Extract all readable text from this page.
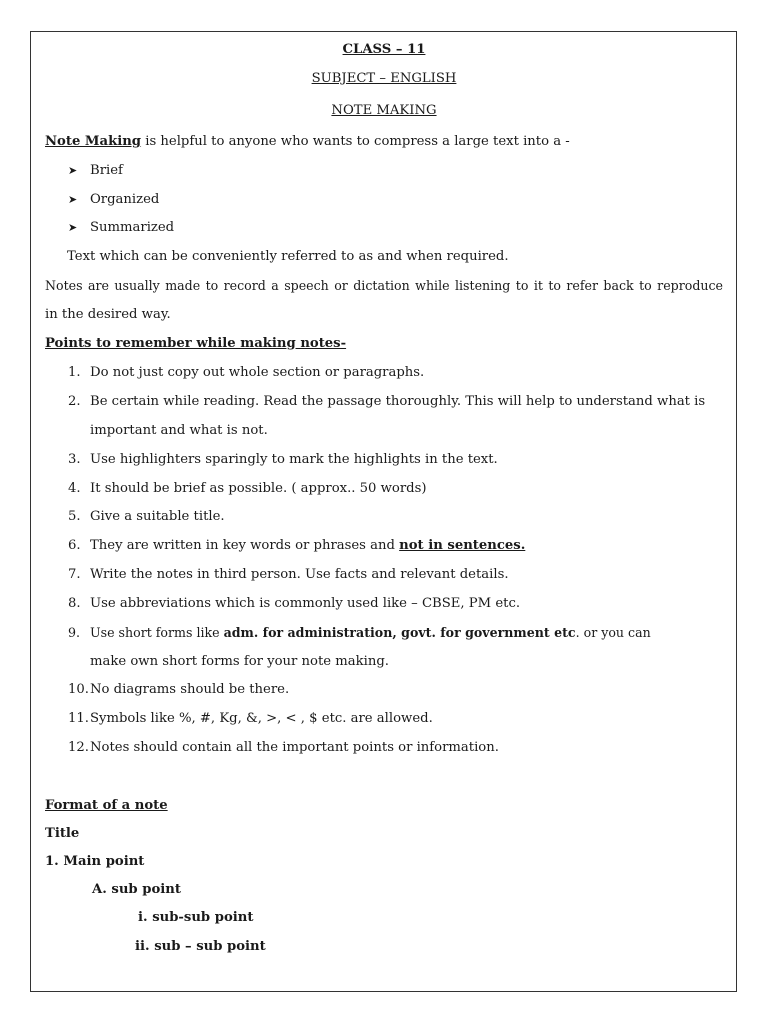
CLASS – 11
SUBJECT – ENGLISH
NOTE MAKING
Note Making is helpful to anyone who wants to compress a large text into a -
➤ Brief
➤ Organized
➤ Summarized
Text which can be conveniently referred to as and when required.
Notes are usually made to record a speech or dictation while listening to it to refer back to reproduce
in the desired way.
Points to remember while making notes-
1. Do not just copy out whole section or paragraphs.
2. Be certain while reading. Read the passage thoroughly. This will help to understand what is
important and what is not.
3. Use highlighters sparingly to mark the highlights in the text.
4. It should be brief as possible. ( approx.. 50 words)
5. Give a suitable title.
6. They are written in key words or phrases and not in sentences.
7. Write the notes in third person. Use facts and relevant details.
8. Use abbreviations which is commonly used like – CBSE, PM etc.
9. Use short forms like adm. for administration, govt. for government etc. or you can
make own short forms for your note making.
10.No diagrams should be there.
11.Symbols like %, #, Kg, &, >, < , $ etc. are allowed.
12.Notes should contain all the important points or information.
Format of a note
Title
1. Main point
A. sub point
i. sub-sub point
ii. sub – sub point
